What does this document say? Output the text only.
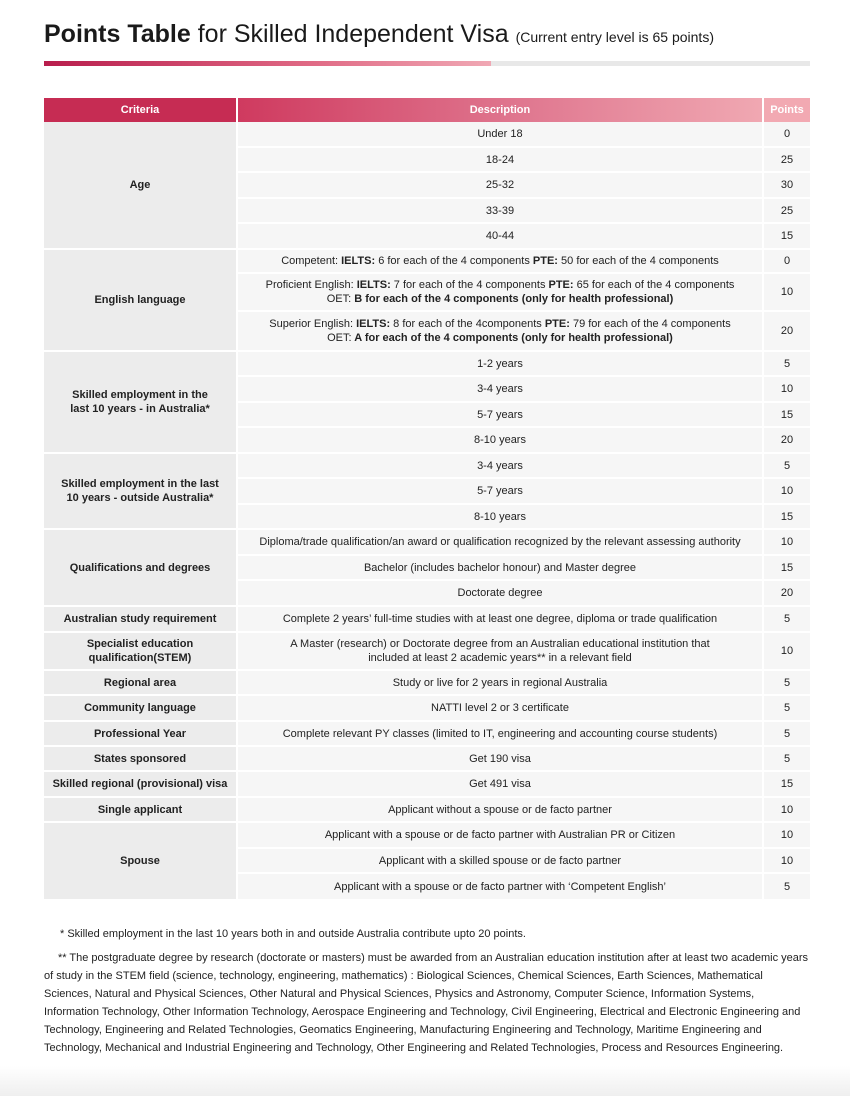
Points Table for Skilled Independent Visa (Current entry level is 65 points)
Criteria	Description	Points
Age	Under 18	0
	18-24	25
	25-32	30
	33-39	25
	40-44	15
English language	Competent: IELTS: 6 for each of the 4 components PTE: 50 for each of the 4 components	0
	Proficient English: IELTS: 7 for each of the 4 components PTE: 65 for each of the 4 components
OET: B for each of the 4 components (only for health professional)	10
	Superior English: IELTS: 8 for each of the 4components PTE: 79 for each of the 4 components
OET: A for each of the 4 components (only for health professional)	20
Skilled employment in the
last 10 years - in Australia*	1-2 years	5
	3-4 years	10
	5-7 years	15
	8-10 years	20
Skilled employment in the last
10 years - outside Australia*	3-4 years	5
	5-7 years	10
	8-10 years	15
Qualifications and degrees	Diploma/trade qualification/an award or qualification recognized by the relevant assessing authority	10
	Bachelor (includes bachelor honour) and Master degree	15
	Doctorate degree	20
Australian study requirement	Complete 2 years’ full-time studies with at least one degree, diploma or trade qualification	5
Specialist education
qualification(STEM)	A Master (research) or Doctorate degree from an Australian educational institution that
included at least 2 academic years** in a relevant field	10
Regional area	Study or live for 2 years in regional Australia	5
Community language	NATTI level 2 or 3 certificate	5
Professional Year	Complete relevant PY classes (limited to IT, engineering and accounting course students)	5
States sponsored	Get 190 visa	5
Skilled regional (provisional) visa	Get 491 visa	15
Single applicant	Applicant without a spouse or de facto partner	10
Spouse	Applicant with a spouse or de facto partner with Australian PR or Citizen	10
	Applicant with a skilled spouse or de facto partner	10
	Applicant with a spouse or de facto partner with ‘Competent English’	5

* Skilled employment in the last 10 years both in and outside Australia contribute upto 20 points.

** The postgraduate degree by research (doctorate or masters) must be awarded from an Australian education institution after at least two academic years of study in the STEM field (science, technology, engineering, mathematics) : Biological Sciences, Chemical Sciences, Earth Sciences, Mathematical Sciences, Natural and Physical Sciences, Other Natural and Physical Sciences, Physics and Astronomy, Computer Science, Information Systems, Information Technology, Other Information Technology, Aerospace Engineering and Technology, Civil Engineering, Electrical and Electronic Engineering and Technology, Engineering and Related Technologies, Geomatics Engineering, Manufacturing Engineering and Technology, Maritime Engineering and Technology, Mechanical and Industrial Engineering and Technology, Other Engineering and Related Technologies, Process and Resources Engineering.
